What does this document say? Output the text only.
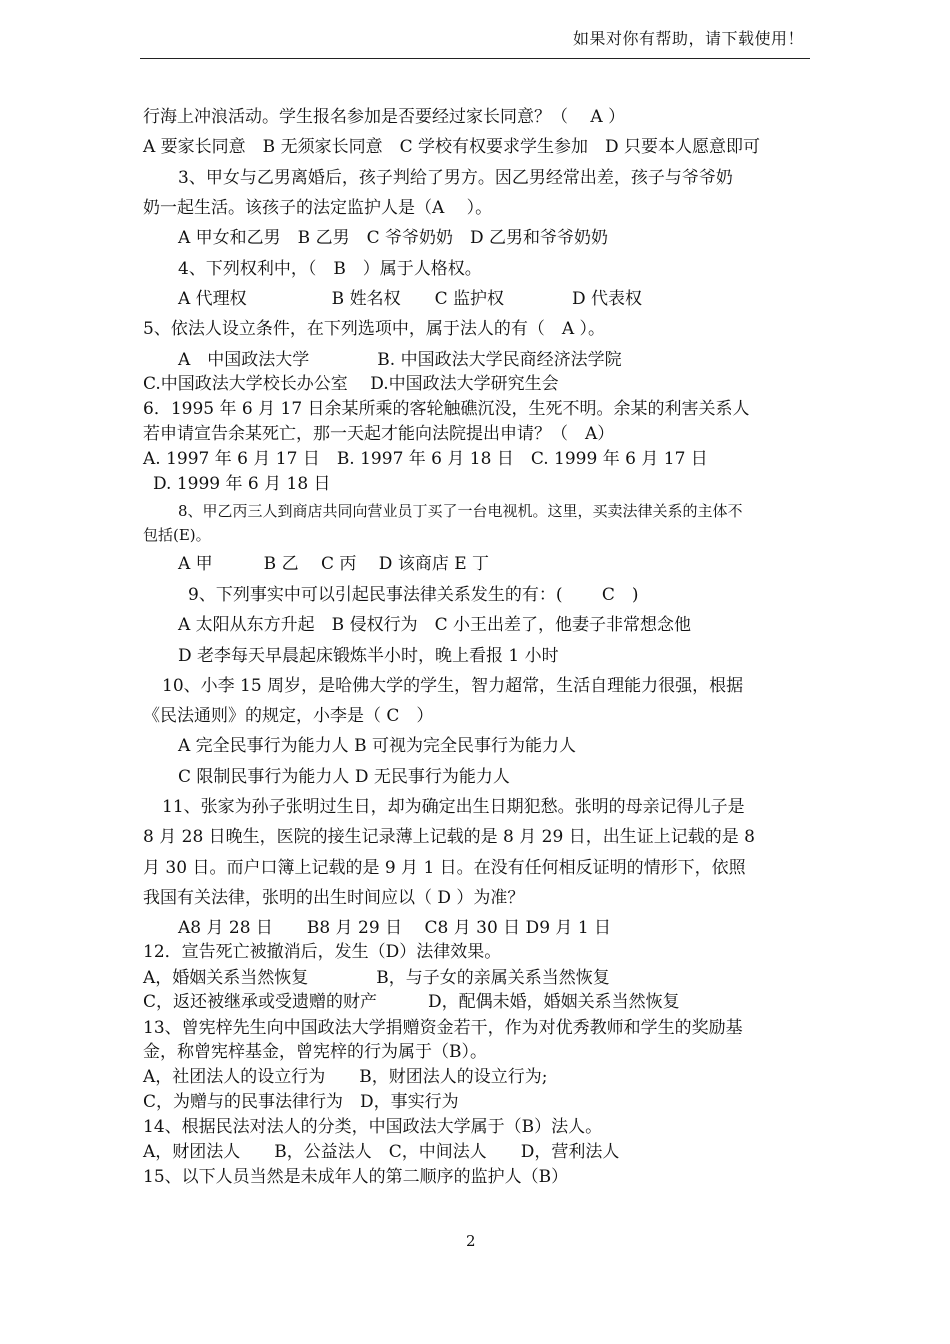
如果对你有帮助，请下载使用！
行海上冲浪活动。学生报名参加是否要经过家长同意？（　 A ）
A 要家长同意　B 无须家长同意　C 学校有权要求学生参加　D 只要本人愿意即可
3、甲女与乙男离婚后，孩子判给了男方。因乙男经常出差，孩子与爷爷奶
奶一起生活。该孩子的法定监护人是（A　 ）。
A 甲女和乙男　B 乙男　C 爷爷奶奶　D 乙男和爷爷奶奶
4、下列权利中，（　B　）属于人格权。
A 代理权　　　　　B 姓名权　　C 监护权　　　　D 代表权
5、依法人设立条件，在下列选项中，属于法人的有（　A ）。
A　中国政法大学　　　　B. 中国政法大学民商经济法学院
C.中国政法大学校长办公室　 D.中国政法大学研究生会
6．1995 年 6 月 17 日余某所乘的客轮触礁沉没，生死不明。余某的利害关系人
若申请宣告余某死亡，那一天起才能向法院提出申请？（　A）
A. 1997 年 6 月 17 日　B. 1997 年 6 月 18 日　C. 1999 年 6 月 17 日
D. 1999 年 6 月 18 日
8、甲乙丙三人到商店共同向营业员丁买了一台电视机。这里，买卖法律关系的主体不
包括(E)。
A 甲　　　B 乙　 C 丙　 D 该商店 E 丁
9、下列事实中可以引起民事法律关系发生的有：(　　 C　)
A 太阳从东方升起　B 侵权行为　C 小王出差了，他妻子非常想念他
D 老李每天早晨起床锻炼半小时，晚上看报 1 小时
10、小李 15 周岁，是哈佛大学的学生，智力超常，生活自理能力很强，根据
《民法通则》的规定，小李是（ C　）
A 完全民事行为能力人 B 可视为完全民事行为能力人
C 限制民事行为能力人 D 无民事行为能力人
11、张家为孙子张明过生日，却为确定出生日期犯愁。张明的母亲记得儿子是
8 月 28 日晚生，医院的接生记录薄上记载的是 8 月 29 日，出生证上记载的是 8
月 30 日。而户口簿上记载的是 9 月 1 日。在没有任何相反证明的情形下，依照
我国有关法律，张明的出生时间应以（ D ）为准？
A8 月 28 日　　B8 月 29 日　 C8 月 30 日 D9 月 1 日
12．宣告死亡被撤消后，发生（D）法律效果。
A，婚姻关系当然恢复　　　　B，与子女的亲属关系当然恢复
C，返还被继承或受遗赠的财产　　　D，配偶未婚，婚姻关系当然恢复
13、曾宪梓先生向中国政法大学捐赠资金若干，作为对优秀教师和学生的奖励基
金，称曾宪梓基金，曾宪梓的行为属于（B）。
A，社团法人的设立行为　　B，财团法人的设立行为;
C，为赠与的民事法律行为　D，事实行为
14、根据民法对法人的分类，中国政法大学属于（B）法人。
A，财团法人　　B，公益法人　C，中间法人　　D，营利法人
15、以下人员当然是未成年人的第二顺序的监护人（B）
2
